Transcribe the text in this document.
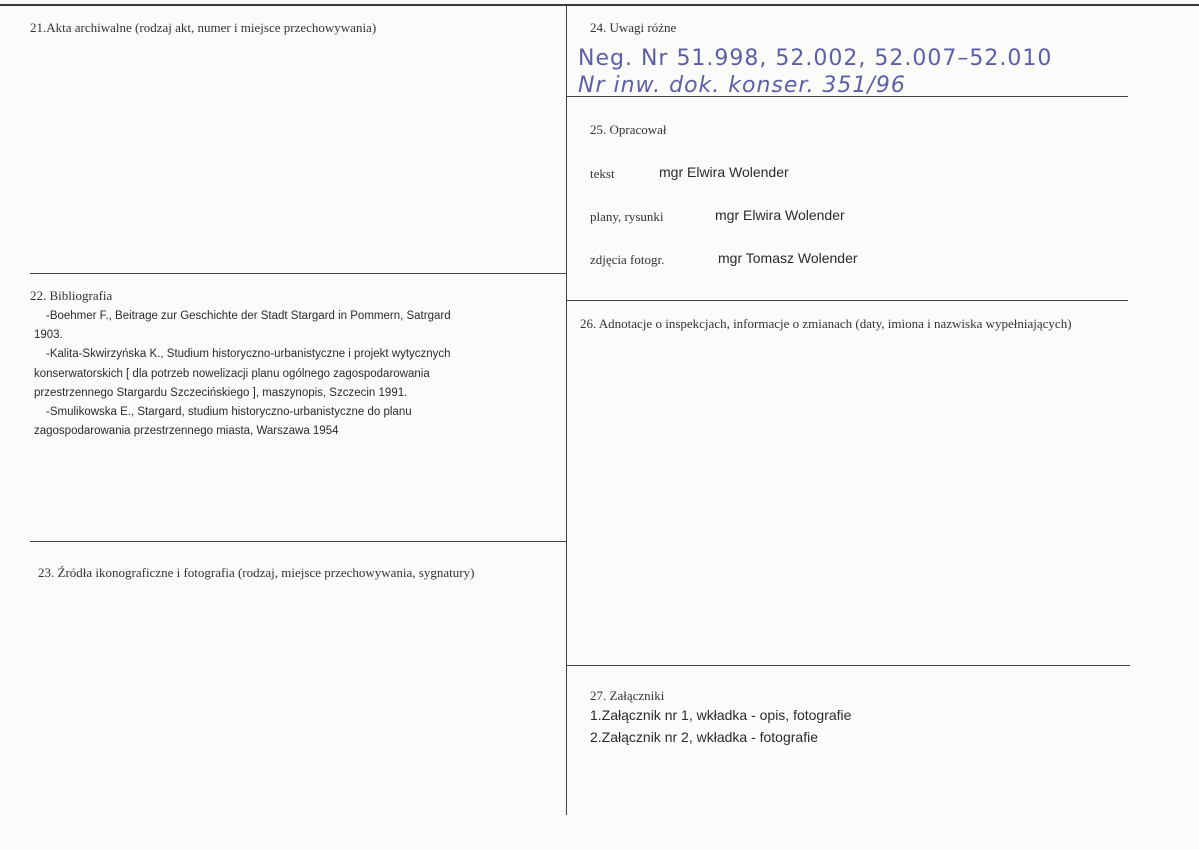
21.Akta archiwalne (rodzaj akt, numer i miejsce przechowywania)
22. Bibliografia
-Boehmer F., Beitrage zur Geschichte der Stadt Stargard in Pommern, Satrgard
1903.
-Kalita-Skwirzyńska K., Studium historyczno-urbanistyczne i projekt wytycznych
konserwatorskich [ dla potrzeb nowelizacji planu ogólnego zagospodarowania
przestrzennego Stargardu Szczecińskiego ], maszynopis, Szczecin 1991.
-Smulikowska E., Stargard, studium historyczno-urbanistyczne do planu
zagospodarowania przestrzennego miasta, Warszawa 1954
23. Źródła ikonograficzne i fotografia (rodzaj, miejsce przechowywania, sygnatury)
24. Uwagi różne
Neg. Nr 51.998, 52.002, 52.007–52.010
Nr inw. dok. konser. 351/96
25. Opracował
tekst	mgr Elwira Wolender
plany, rysunki	mgr Elwira Wolender
zdjęcia fotogr.	mgr Tomasz Wolender
26. Adnotacje o inspekcjach, informacje o zmianach (daty, imiona i nazwiska wypełniających)
27. Załączniki
1.Załącznik nr 1, wkładka - opis, fotografie
2.Załącznik nr 2, wkładka - fotografie
